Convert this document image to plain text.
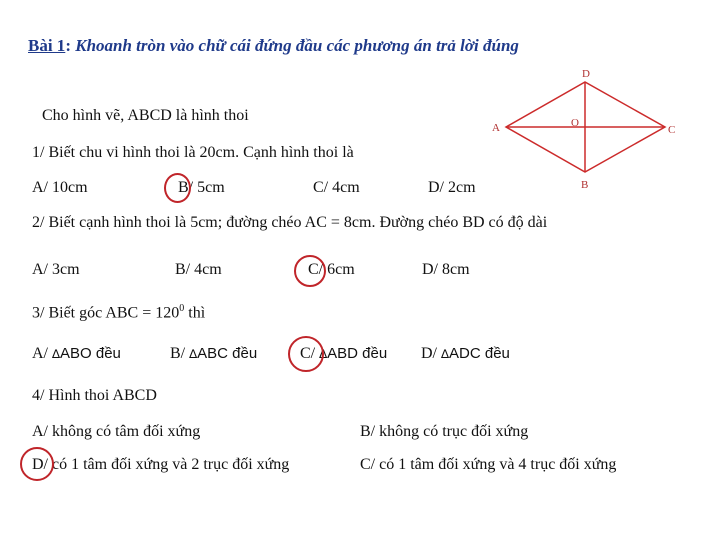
Bài 1: Khoanh tròn vào chữ cái đứng đầu các phương án trả lời đúng
Cho hình vẽ, ABCD là hình thoi
D
A	C
B
O
1/ Biết chu vi hình thoi là 20cm. Cạnh hình thoi là
A/ 10cm	B/ 5cm	C/ 4cm	D/ 2cm
2/ Biết cạnh hình thoi là 5cm; đường chéo AC = 8cm. Đường chéo BD có độ dài
A/ 3cm	B/ 4cm	C/ 6cm	D/ 8cm
3/ Biết góc ABC = $120^0$ thì
A/ ∆ABO đều	B/ ∆ABC đều	C/ ∆ABD đều D/ ∆ADC đều
4/ Hình thoi ABCD
A/ không có tâm đối xứng	B/ không có trục đối xứng
D/ có 1 tâm đối xứng và 2 trục đối xứng	C/ có 1 tâm đối xứng và 4 trục đối xứng
